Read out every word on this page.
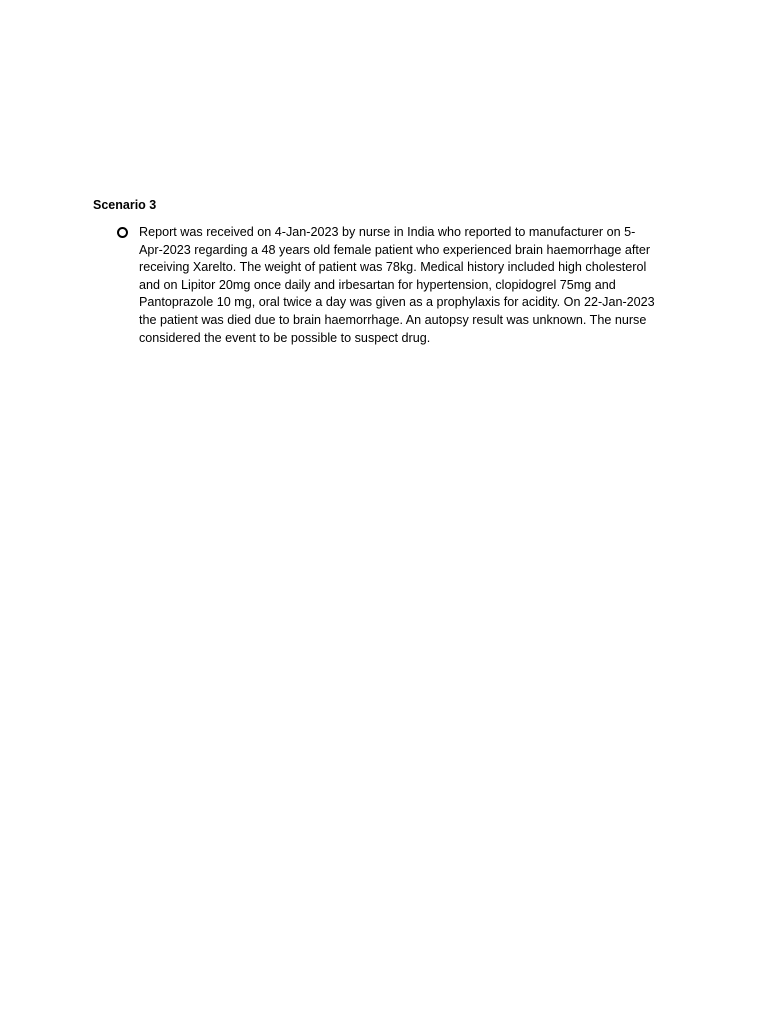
Scenario 3

Report was received on 4-Jan-2023 by nurse in India who reported to manufacturer on 5-
Apr-2023 regarding a 48 years old female patient who experienced brain haemorrhage after
receiving Xarelto. The weight of patient was 78kg. Medical history included high cholesterol
and on Lipitor 20mg once daily and irbesartan for hypertension, clopidogrel 75mg and
Pantoprazole 10 mg, oral twice a day was given as a prophylaxis for acidity. On 22-Jan-2023
the patient was died due to brain haemorrhage. An autopsy result was unknown. The nurse
considered the event to be possible to suspect drug.
